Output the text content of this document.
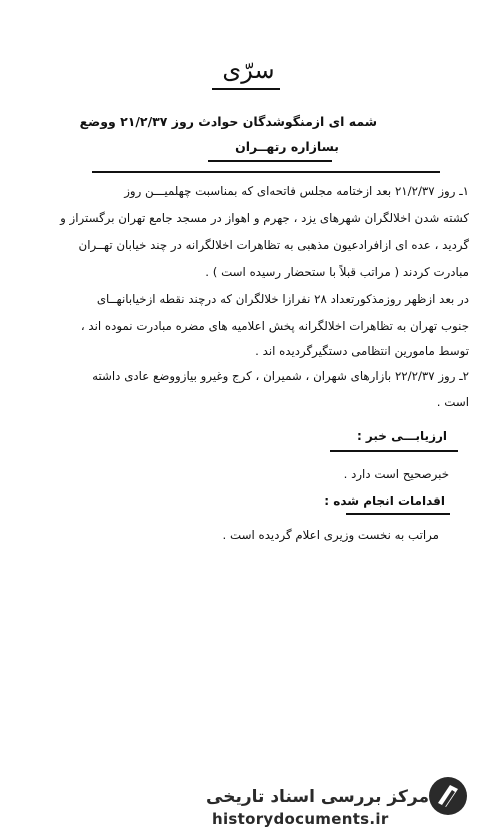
سرّی
شمه ای ازمنگوشدگان حوادث روز ۲۱/۲/۳۷ ووضع
بسازاره رتهــران
۱ـ روز ۲۱/۲/۳۷ بعد ازختامه مجلس فاتحه‌ای که بمناسبت چهلمیـــن روز
کشته شدن اخلالگران شهرهای یزد ، جهرم و اهواز در مسجد جامع تهران برگستراز و
گردید ، عده ای ازافرادعیون مذهبی به تظاهرات اخلالگرانه در چند خیابان تهــران
مبادرت کردند ( مراتب قبلاً با ستحضار رسیده است ) .
در بعد ازظهر روزمذکورتعداد ۲۸ نفرازا خلالگران که درچند نقطه ازخیابانهــای
جنوب تهران به تظاهرات اخلالگرانه پخش اعلامیه های مضره مبادرت نموده اند ،
توسط مامورین انتظامی دستگیرگردیده اند .
۲ـ روز ۲۲/۲/۳۷ بازارهای شهران ، شمیران ، کرج وغیرو بیازووضع عادی داشته
است .
ارزیابـــی خبر :
خبرصحیح است دارد .
اقدامات انجام شده :
مراتب به نخست وزیری اعلام گردیده است .
مرکز بررسی اسناد تاریخی
historydocuments.ir
